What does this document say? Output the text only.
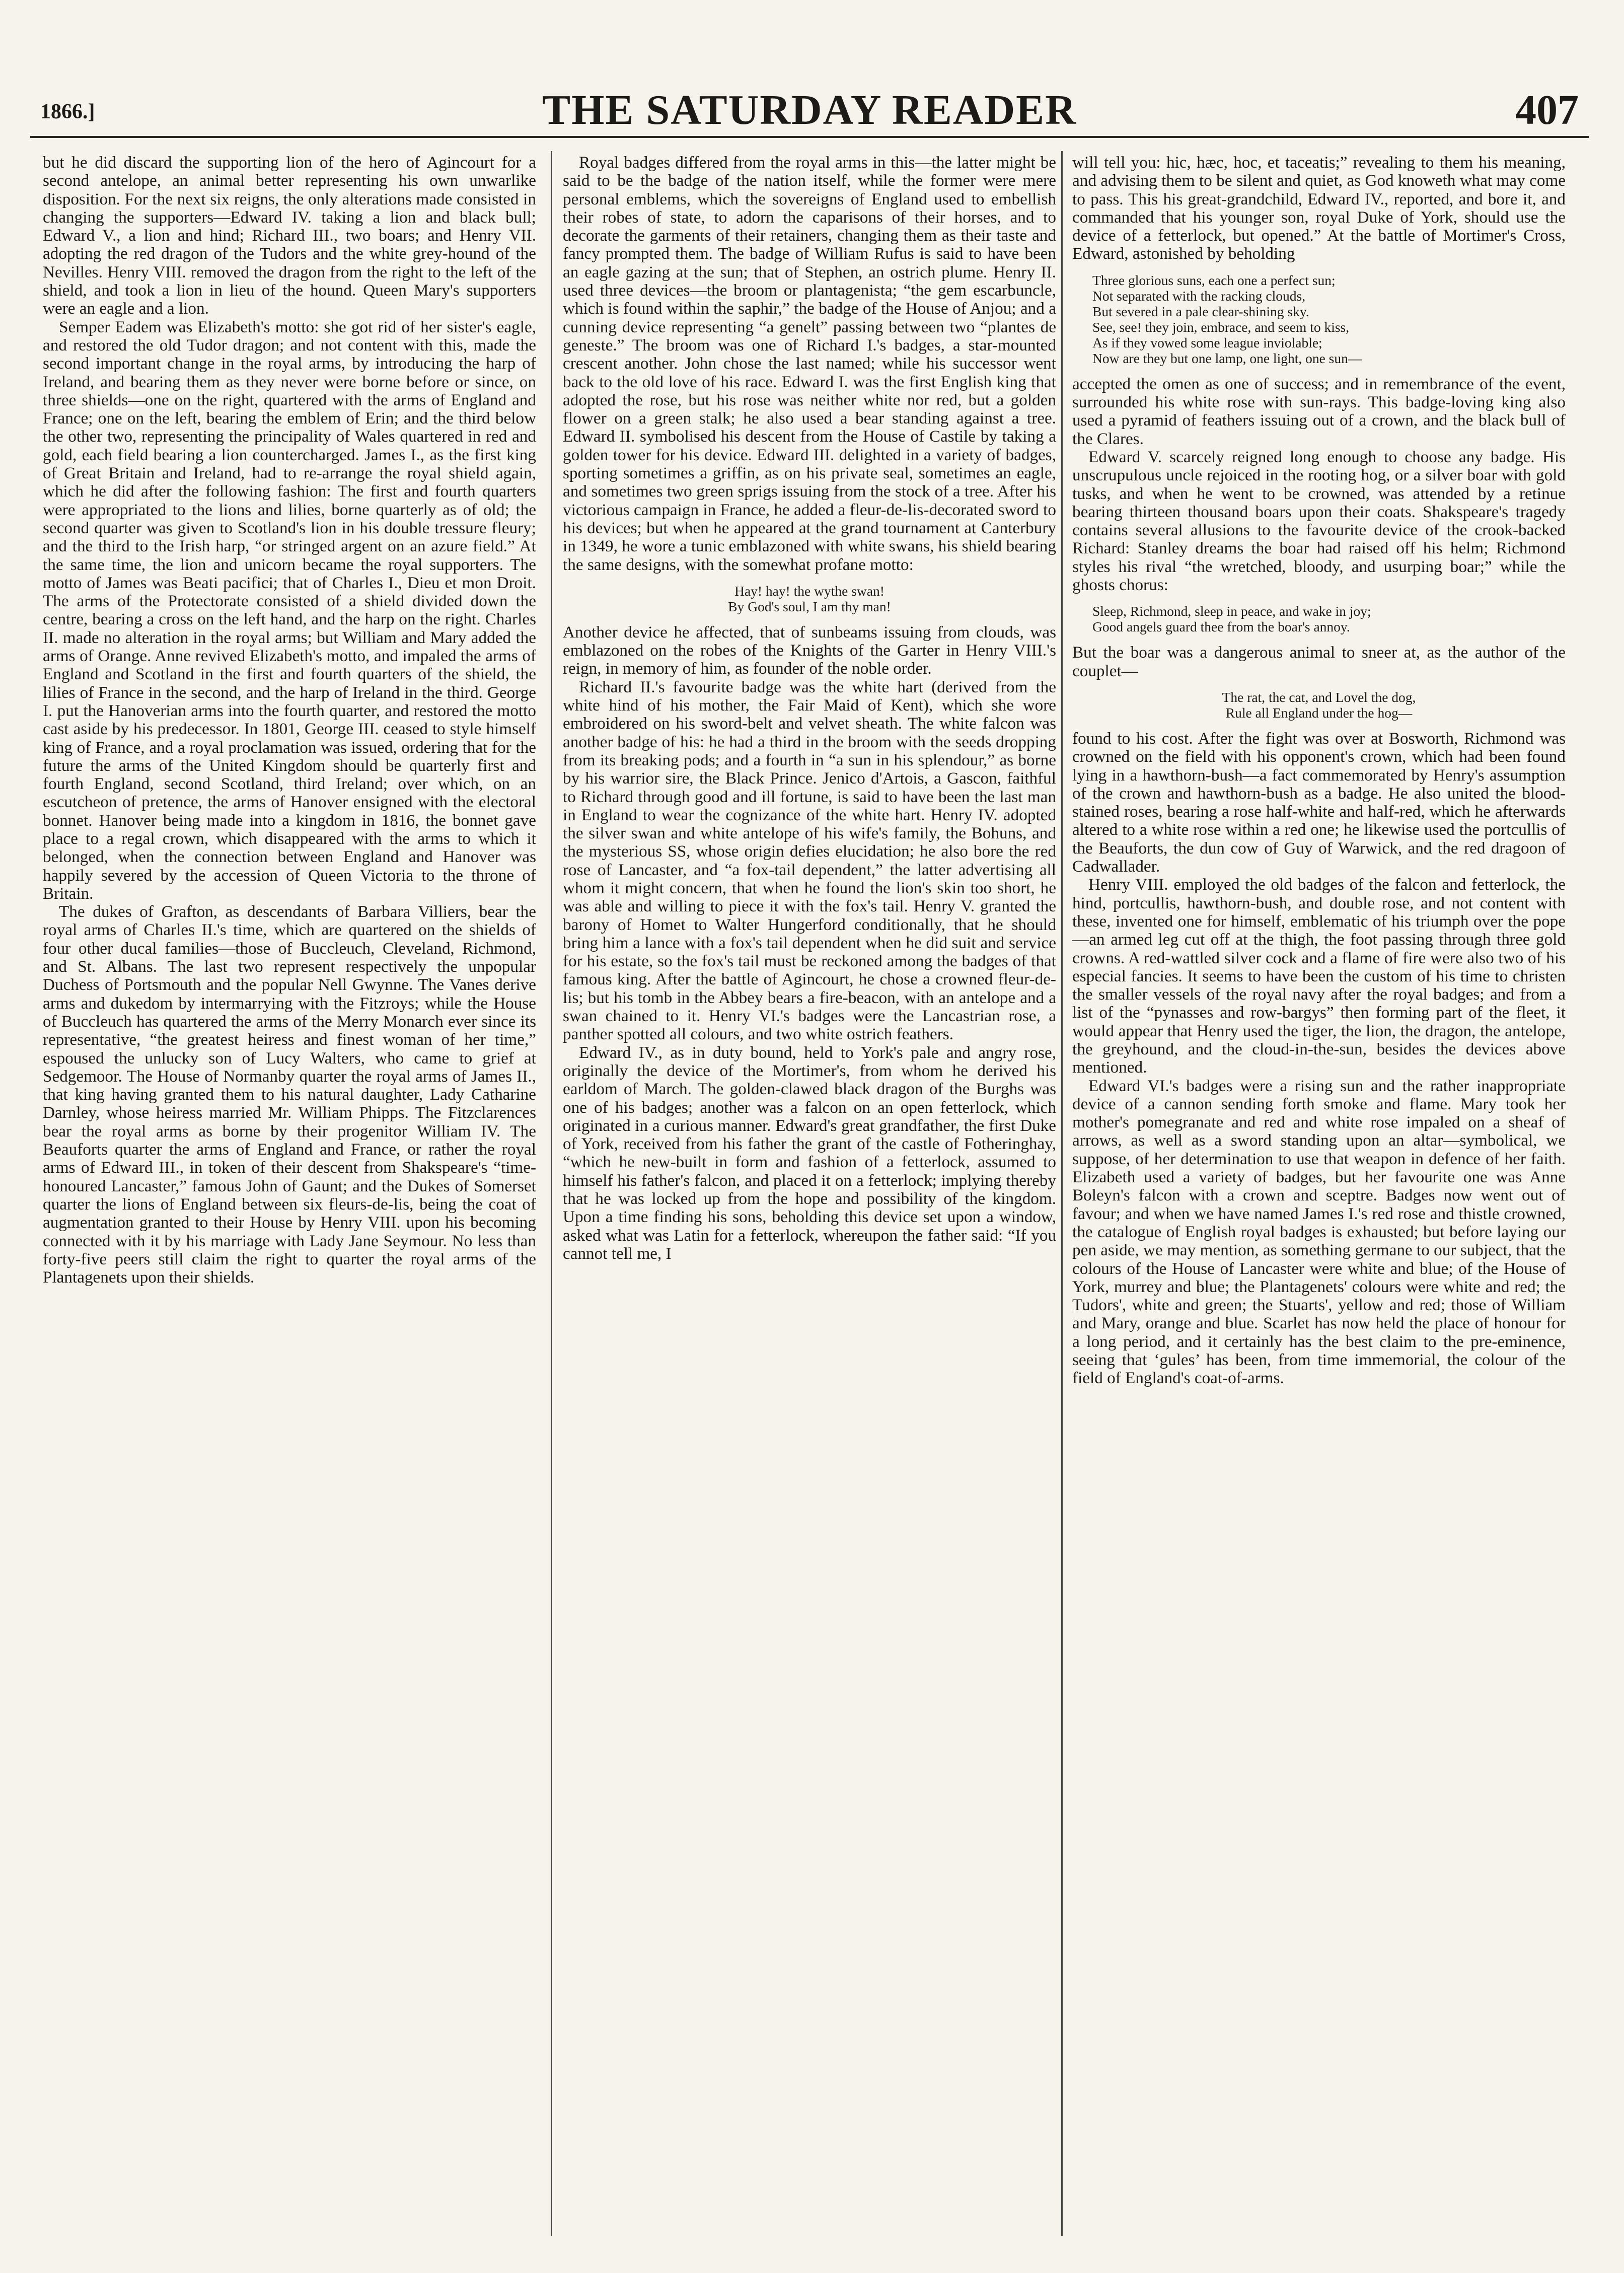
1866.]	THE SATURDAY READER	407

but he did discard the supporting lion of the hero of Agincourt for a second antelope, an animal better representing his own unwarlike disposition. For the next six reigns, the only alterations made consisted in changing the supporters—Edward IV. taking a lion and black bull; Edward V., a lion and hind; Richard III., two boars; and Henry VII. adopting the red dragon of the Tudors and the white grey-hound of the Nevilles. Henry VIII. removed the dragon from the right to the left of the shield, and took a lion in lieu of the hound. Queen Mary's supporters were an eagle and a lion.

Semper Eadem was Elizabeth's motto: she got rid of her sister's eagle, and restored the old Tudor dragon; and not content with this, made the second important change in the royal arms, by introducing the harp of Ireland, and bearing them as they never were borne before or since, on three shields—one on the right, quartered with the arms of England and France; one on the left, bearing the emblem of Erin; and the third below the other two, representing the principality of Wales quartered in red and gold, each field bearing a lion countercharged. James I., as the first king of Great Britain and Ireland, had to re-arrange the royal shield again, which he did after the following fashion: The first and fourth quarters were appropriated to the lions and lilies, borne quarterly as of old; the second quarter was given to Scotland's lion in his double tressure fleury; and the third to the Irish harp, “or stringed argent on an azure field.” At the same time, the lion and unicorn became the royal supporters. The motto of James was Beati pacifici; that of Charles I., Dieu et mon Droit. The arms of the Protectorate consisted of a shield divided down the centre, bearing a cross on the left hand, and the harp on the right. Charles II. made no alteration in the royal arms; but William and Mary added the arms of Orange. Anne revived Elizabeth's motto, and impaled the arms of England and Scotland in the first and fourth quarters of the shield, the lilies of France in the second, and the harp of Ireland in the third. George I. put the Hanoverian arms into the fourth quarter, and restored the motto cast aside by his predecessor. In 1801, George III. ceased to style himself king of France, and a royal proclamation was issued, ordering that for the future the arms of the United Kingdom should be quarterly first and fourth England, second Scotland, third Ireland; over which, on an escutcheon of pretence, the arms of Hanover ensigned with the electoral bonnet. Hanover being made into a kingdom in 1816, the bonnet gave place to a regal crown, which disappeared with the arms to which it belonged, when the connection between England and Hanover was happily severed by the accession of Queen Victoria to the throne of Britain.

The dukes of Grafton, as descendants of Barbara Villiers, bear the royal arms of Charles II.'s time, which are quartered on the shields of four other ducal families—those of Buccleuch, Cleveland, Richmond, and St. Albans. The last two represent respectively the unpopular Duchess of Portsmouth and the popular Nell Gwynne. The Vanes derive arms and dukedom by intermarrying with the Fitzroys; while the House of Buccleuch has quartered the arms of the Merry Monarch ever since its representative, “the greatest heiress and finest woman of her time,” espoused the unlucky son of Lucy Walters, who came to grief at Sedgemoor. The House of Normanby quarter the royal arms of James II., that king having granted them to his natural daughter, Lady Catharine Darnley, whose heiress married Mr. William Phipps. The Fitzclarences bear the royal arms as borne by their progenitor William IV. The Beauforts quarter the arms of England and France, or rather the royal arms of Edward III., in token of their descent from Shakspeare's “time-honoured Lancaster,” famous John of Gaunt; and the Dukes of Somerset quarter the lions of England between six fleurs-de-lis, being the coat of augmentation granted to their House by Henry VIII. upon his becoming connected with it by his marriage with Lady Jane Seymour. No less than forty-five peers still claim the right to quarter the royal arms of the Plantagenets upon their shields.

Royal badges differed from the royal arms in this—the latter might be said to be the badge of the nation itself, while the former were mere personal emblems, which the sovereigns of England used to embellish their robes of state, to adorn the caparisons of their horses, and to decorate the garments of their retainers, changing them as their taste and fancy prompted them. The badge of William Rufus is said to have been an eagle gazing at the sun; that of Stephen, an ostrich plume. Henry II. used three devices—the broom or plantagenista; “the gem escarbuncle, which is found within the saphir,” the badge of the House of Anjou; and a cunning device representing “a genelt” passing between two “plantes de geneste.” The broom was one of Richard I.'s badges, a star-mounted crescent another. John chose the last named; while his successor went back to the old love of his race. Edward I. was the first English king that adopted the rose, but his rose was neither white nor red, but a golden flower on a green stalk; he also used a bear standing against a tree. Edward II. symbolised his descent from the House of Castile by taking a golden tower for his device. Edward III. delighted in a variety of badges, sporting sometimes a griffin, as on his private seal, sometimes an eagle, and sometimes two green sprigs issuing from the stock of a tree. After his victorious campaign in France, he added a fleur-de-lis-decorated sword to his devices; but when he appeared at the grand tournament at Canterbury in 1349, he wore a tunic emblazoned with white swans, his shield bearing the same designs, with the somewhat profane motto:

Hay! hay! the wythe swan!
By God's soul, I am thy man!

Another device he affected, that of sunbeams issuing from clouds, was emblazoned on the robes of the Knights of the Garter in Henry VIII.'s reign, in memory of him, as founder of the noble order.

Richard II.'s favourite badge was the white hart (derived from the white hind of his mother, the Fair Maid of Kent), which she wore embroidered on his sword-belt and velvet sheath. The white falcon was another badge of his: he had a third in the broom with the seeds dropping from its breaking pods; and a fourth in “a sun in his splendour,” as borne by his warrior sire, the Black Prince. Jenico d'Artois, a Gascon, faithful to Richard through good and ill fortune, is said to have been the last man in England to wear the cognizance of the white hart. Henry IV. adopted the silver swan and white antelope of his wife's family, the Bohuns, and the mysterious SS, whose origin defies elucidation; he also bore the red rose of Lancaster, and “a fox-tail dependent,” the latter advertising all whom it might concern, that when he found the lion's skin too short, he was able and willing to piece it with the fox's tail. Henry V. granted the barony of Homet to Walter Hungerford conditionally, that he should bring him a lance with a fox's tail dependent when he did suit and service for his estate, so the fox's tail must be reckoned among the badges of that famous king. After the battle of Agincourt, he chose a crowned fleur-de-lis; but his tomb in the Abbey bears a fire-beacon, with an antelope and a swan chained to it. Henry VI.'s badges were the Lancastrian rose, a panther spotted all colours, and two white ostrich feathers.

Edward IV., as in duty bound, held to York's pale and angry rose, originally the device of the Mortimer's, from whom he derived his earldom of March. The golden-clawed black dragon of the Burghs was one of his badges; another was a falcon on an open fetterlock, which originated in a curious manner. Edward's great grandfather, the first Duke of York, received from his father the grant of the castle of Fotheringhay, “which he new-built in form and fashion of a fetterlock, assumed to himself his father's falcon, and placed it on a fetterlock; implying thereby that he was locked up from the hope and possibility of the kingdom. Upon a time finding his sons, beholding this device set upon a window, asked what was Latin for a fetterlock, whereupon the father said: “If you cannot tell me, I

will tell you: hic, hæc, hoc, et taceatis;” revealing to them his meaning, and advising them to be silent and quiet, as God knoweth what may come to pass. This his great-grandchild, Edward IV., reported, and bore it, and commanded that his younger son, royal Duke of York, should use the device of a fetterlock, but opened.” At the battle of Mortimer's Cross, Edward, astonished by beholding

Three glorious suns, each one a perfect sun;
Not separated with the racking clouds,
But severed in a pale clear-shining sky.
See, see! they join, embrace, and seem to kiss,
As if they vowed some league inviolable;
Now are they but one lamp, one light, one sun—

accepted the omen as one of success; and in remembrance of the event, surrounded his white rose with sun-rays. This badge-loving king also used a pyramid of feathers issuing out of a crown, and the black bull of the Clares.

Edward V. scarcely reigned long enough to choose any badge. His unscrupulous uncle rejoiced in the rooting hog, or a silver boar with gold tusks, and when he went to be crowned, was attended by a retinue bearing thirteen thousand boars upon their coats. Shakspeare's tragedy contains several allusions to the favourite device of the crook-backed Richard: Stanley dreams the boar had raised off his helm; Richmond styles his rival “the wretched, bloody, and usurping boar;” while the ghosts chorus:

Sleep, Richmond, sleep in peace, and wake in joy;
Good angels guard thee from the boar's annoy.

But the boar was a dangerous animal to sneer at, as the author of the couplet—

The rat, the cat, and Lovel the dog,
Rule all England under the hog—

found to his cost. After the fight was over at Bosworth, Richmond was crowned on the field with his opponent's crown, which had been found lying in a hawthorn-bush—a fact commemorated by Henry's assumption of the crown and hawthorn-bush as a badge. He also united the blood-stained roses, bearing a rose half-white and half-red, which he afterwards altered to a white rose within a red one; he likewise used the portcullis of the Beauforts, the dun cow of Guy of Warwick, and the red dragoon of Cadwallader.

Henry VIII. employed the old badges of the falcon and fetterlock, the hind, portcullis, hawthorn-bush, and double rose, and not content with these, invented one for himself, emblematic of his triumph over the pope—an armed leg cut off at the thigh, the foot passing through three gold crowns. A red-wattled silver cock and a flame of fire were also two of his especial fancies. It seems to have been the custom of his time to christen the smaller vessels of the royal navy after the royal badges; and from a list of the “pynasses and row-bargys” then forming part of the fleet, it would appear that Henry used the tiger, the lion, the dragon, the antelope, the greyhound, and the cloud-in-the-sun, besides the devices above mentioned.

Edward VI.'s badges were a rising sun and the rather inappropriate device of a cannon sending forth smoke and flame. Mary took her mother's pomegranate and red and white rose impaled on a sheaf of arrows, as well as a sword standing upon an altar—symbolical, we suppose, of her determination to use that weapon in defence of her faith. Elizabeth used a variety of badges, but her favourite one was Anne Boleyn's falcon with a crown and sceptre. Badges now went out of favour; and when we have named James I.'s red rose and thistle crowned, the catalogue of English royal badges is exhausted; but before laying our pen aside, we may mention, as something germane to our subject, that the colours of the House of Lancaster were white and blue; of the House of York, murrey and blue; the Plantagenets' colours were white and red; the Tudors', white and green; the Stuarts', yellow and red; those of William and Mary, orange and blue. Scarlet has now held the place of honour for a long period, and it certainly has the best claim to the pre-eminence, seeing that ‘gules’ has been, from time immemorial, the colour of the field of England's coat-of-arms.
